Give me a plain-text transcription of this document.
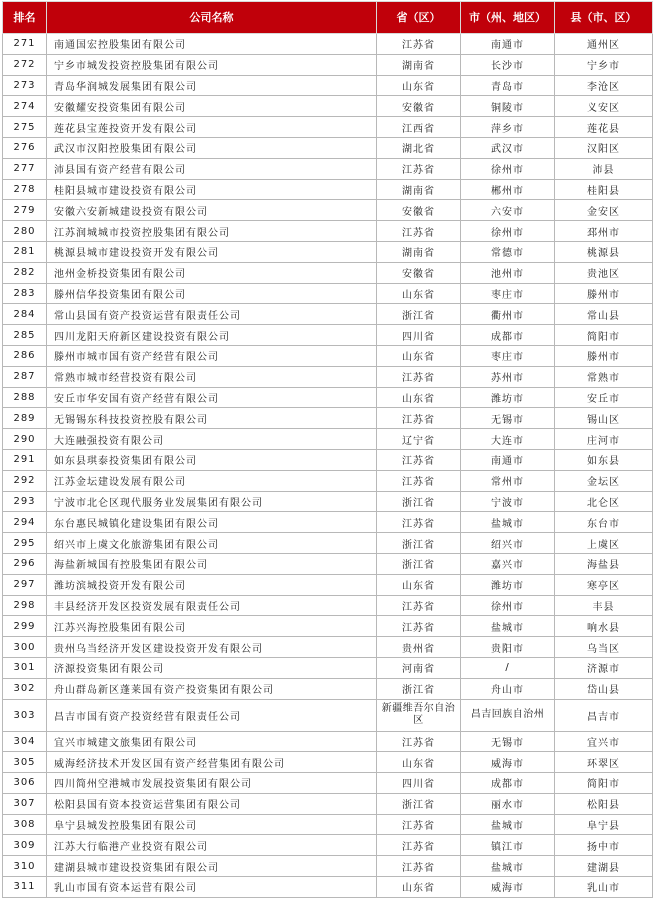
排名	公司名称	省（区）	市（州、地区）	县（市、区）
271	南通国宏控股集团有限公司	江苏省	南通市	通州区
272	宁乡市城发投资控股集团有限公司	湖南省	长沙市	宁乡市
273	青岛华润城发展集团有限公司	山东省	青岛市	李沧区
274	安徽耀安投资集团有限公司	安徽省	铜陵市	义安区
275	莲花县宝莲投资开发有限公司	江西省	萍乡市	莲花县
276	武汉市汉阳控股集团有限公司	湖北省	武汉市	汉阳区
277	沛县国有资产经营有限公司	江苏省	徐州市	沛县
278	桂阳县城市建设投资有限公司	湖南省	郴州市	桂阳县
279	安徽六安新城建设投资有限公司	安徽省	六安市	金安区
280	江苏润城城市投资控股集团有限公司	江苏省	徐州市	邳州市
281	桃源县城市建设投资开发有限公司	湖南省	常德市	桃源县
282	池州金桥投资集团有限公司	安徽省	池州市	贵池区
283	滕州信华投资集团有限公司	山东省	枣庄市	滕州市
284	常山县国有资产投资运营有限责任公司	浙江省	衢州市	常山县
285	四川龙阳天府新区建设投资有限公司	四川省	成都市	简阳市
286	滕州市城市国有资产经营有限公司	山东省	枣庄市	滕州市
287	常熟市城市经营投资有限公司	江苏省	苏州市	常熟市
288	安丘市华安国有资产经营有限公司	山东省	潍坊市	安丘市
289	无锡锡东科技投资控股有限公司	江苏省	无锡市	锡山区
290	大连融强投资有限公司	辽宁省	大连市	庄河市
291	如东县琪泰投资集团有限公司	江苏省	南通市	如东县
292	江苏金坛建设发展有限公司	江苏省	常州市	金坛区
293	宁波市北仑区现代服务业发展集团有限公司	浙江省	宁波市	北仑区
294	东台惠民城镇化建设集团有限公司	江苏省	盐城市	东台市
295	绍兴市上虞文化旅游集团有限公司	浙江省	绍兴市	上虞区
296	海盐新城国有控股集团有限公司	浙江省	嘉兴市	海盐县
297	潍坊滨城投资开发有限公司	山东省	潍坊市	寒亭区
298	丰县经济开发区投资发展有限责任公司	江苏省	徐州市	丰县
299	江苏兴海控股集团有限公司	江苏省	盐城市	响水县
300	贵州乌当经济开发区建设投资开发有限公司	贵州省	贵阳市	乌当区
301	济源投资集团有限公司	河南省	/	济源市
302	舟山群岛新区蓬莱国有资产投资集团有限公司	浙江省	舟山市	岱山县
303	昌吉市国有资产投资经营有限责任公司	新疆维吾尔自治区	昌吉回族自治州	昌吉市
304	宜兴市城建文旅集团有限公司	江苏省	无锡市	宜兴市
305	威海经济技术开发区国有资产经营集团有限公司	山东省	威海市	环翠区
306	四川简州空港城市发展投资集团有限公司	四川省	成都市	简阳市
307	松阳县国有资本投资运营集团有限公司	浙江省	丽水市	松阳县
308	阜宁县城发控股集团有限公司	江苏省	盐城市	阜宁县
309	江苏大行临港产业投资有限公司	江苏省	镇江市	扬中市
310	建湖县城市建设投资集团有限公司	江苏省	盐城市	建湖县
311	乳山市国有资本运营有限公司	山东省	威海市	乳山市
